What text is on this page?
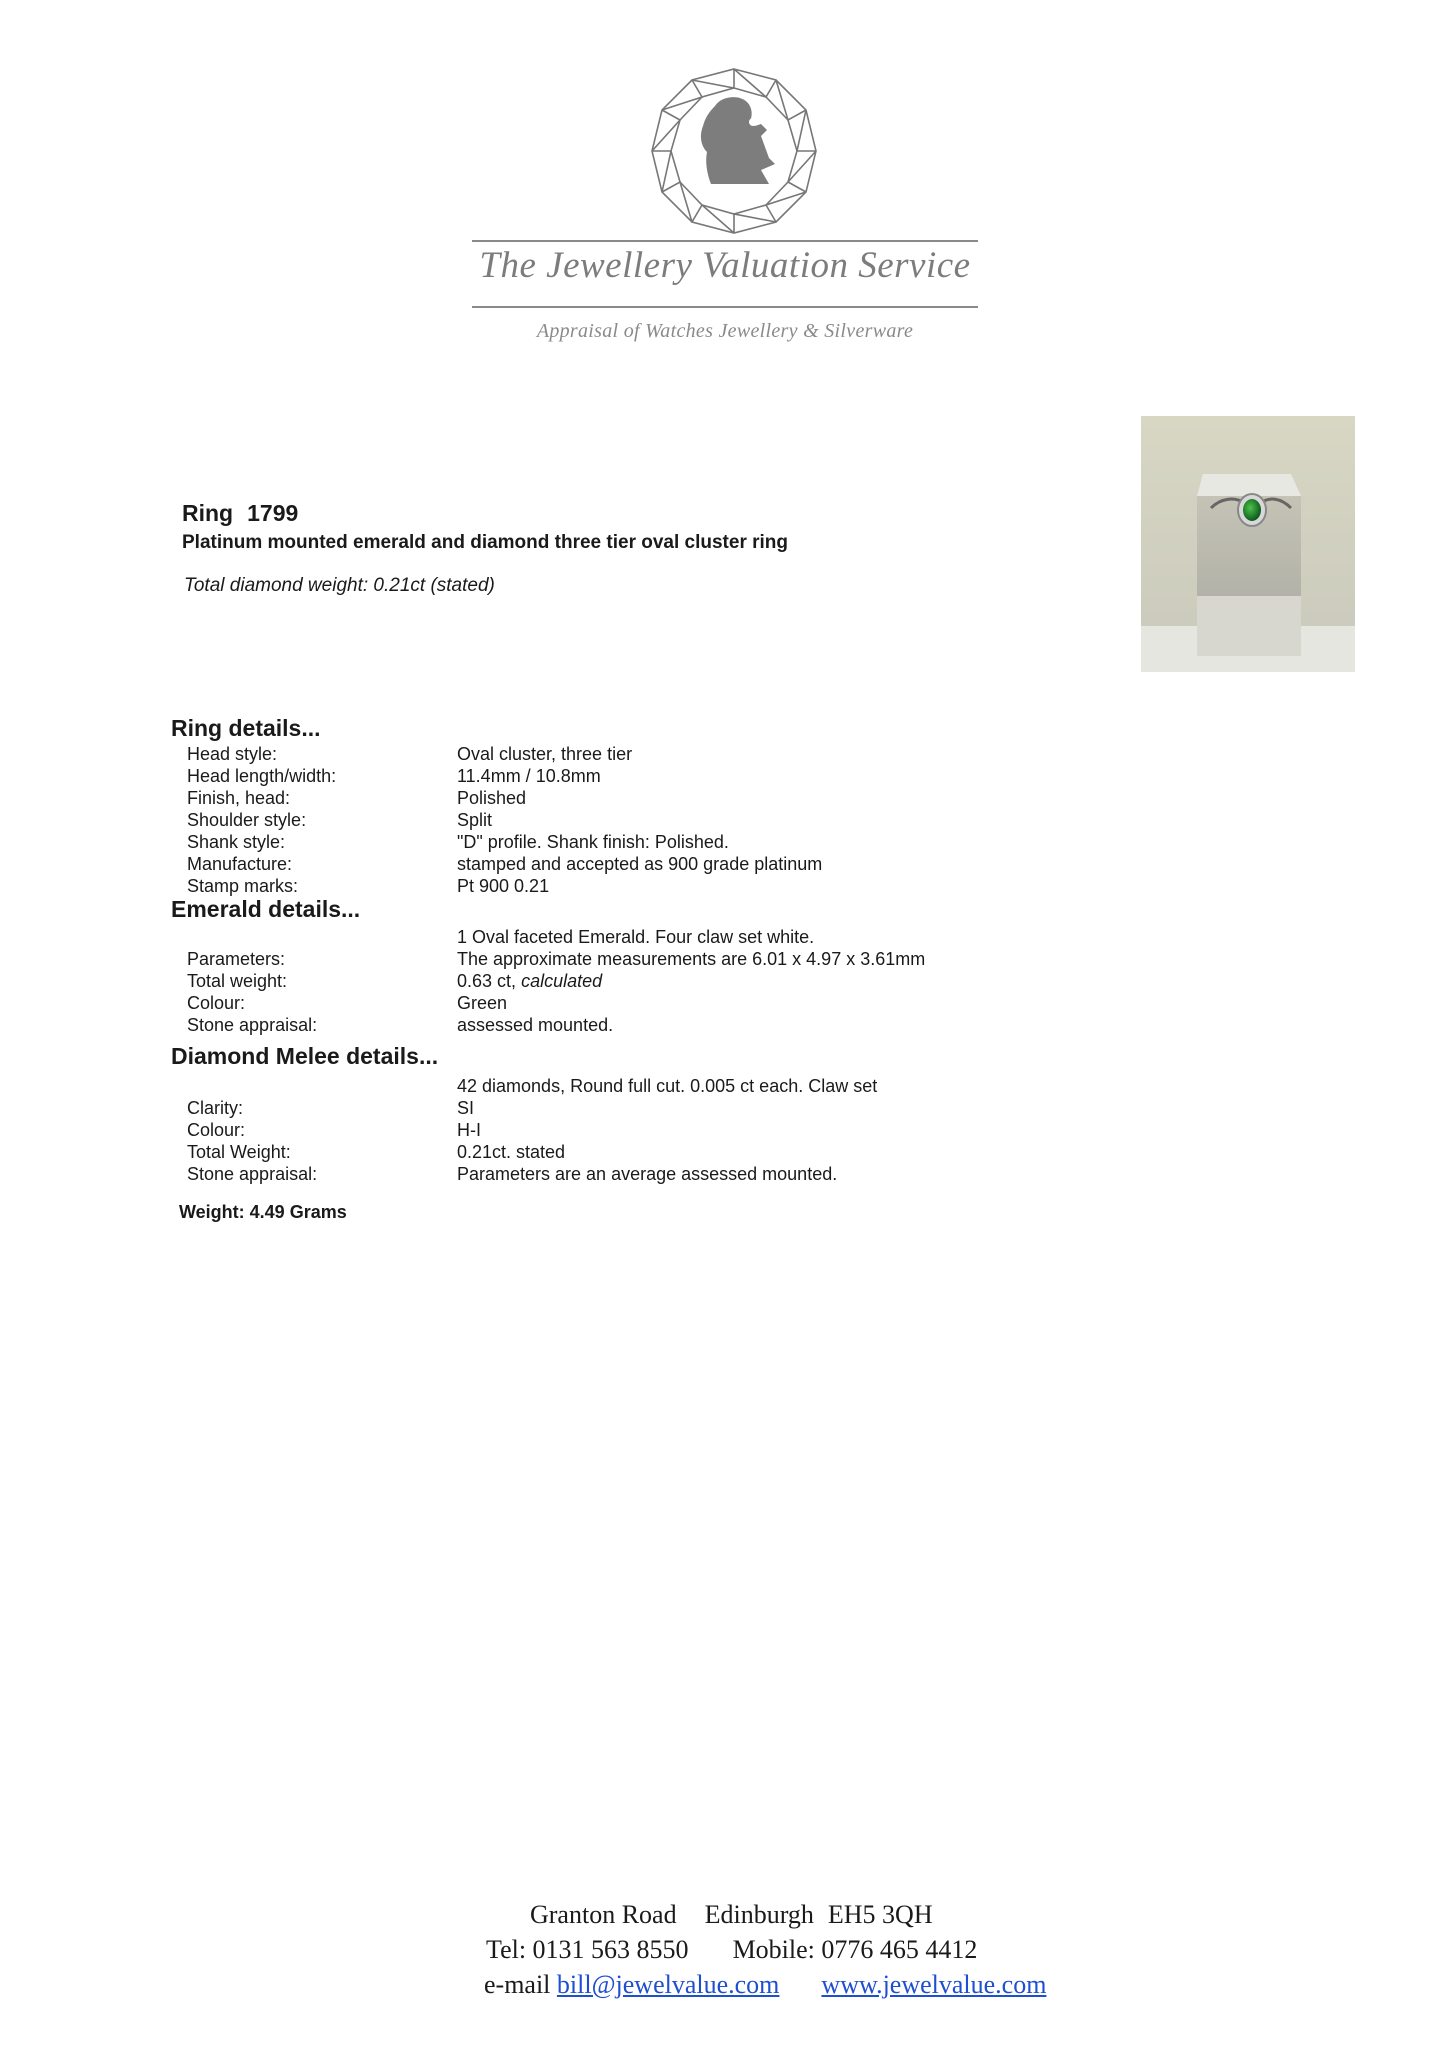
The Jewellery Valuation Service
Appraisal of Watches Jewellery & Silverware
Ring 1799
Platinum mounted emerald and diamond three tier oval cluster ring
Total diamond weight: 0.21ct (stated)
Ring details...
Head style:	Oval cluster, three tier
Head length/width:	11.4mm / 10.8mm
Finish, head:	Polished
Shoulder style:	Split
Shank style:	"D" profile. Shank finish: Polished.
Manufacture:	stamped and accepted as 900 grade platinum
Stamp marks:	Pt 900 0.21
Emerald details...
1 Oval faceted Emerald. Four claw set white.
Parameters:	The approximate measurements are 6.01 x 4.97 x 3.61mm
Total weight:	0.63 ct, calculated
Colour:	Green
Stone appraisal:	assessed mounted.
Diamond Melee details...
42 diamonds, Round full cut. 0.005 ct each. Claw set
Clarity:	SI
Colour:	H-I
Total Weight:	0.21ct. stated
Stone appraisal:	Parameters are an average assessed mounted.
Weight: 4.49 Grams
Granton Road Edinburgh EH5 3QH
Tel: 0131 563 8550 Mobile: 0776 465 4412
e-mail bill@jewelvalue.com www.jewelvalue.com
